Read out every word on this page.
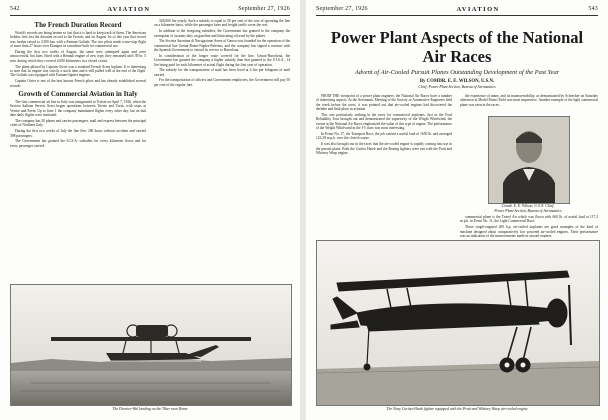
542	AVIATION	September 27, 1926
The French Duration Record

World's records are being beaten so fast that it is hard to keep track of them. The American holders first lost the duration record to the French, and on August 1st of this year that record was further raised to 3,500 km. with a Farman Goliath. The two pilots made a non-stop flight of more than 27 hours over Etampes in a machine built for commercial use.

During the first two weeks of August, the same crew attempted again and were unsuccessful, but later, fitted with a Renault engine of new type, they remained aloft 39 hr. 5 min. during which they covered 4,000 kilometers in a closed circuit.

The plane piloted by Captain Girier was a standard French Army biplane. It is interesting to note that its engine was strictly a stock item and it still pulled well at the end of the flight. The Goliath was equipped with Farman-Jupiter engines.

Captain Girier is one of the best known French pilots and has already established several records.

Growth of Commercial Aviation in Italy

The first commercial air line in Italy was inaugurated at Trieste on April 7, 1926, when the Societa Italiana Servizi Aerei began operations between Trieste and Turin, with stops at Venice and Pavia. Up to June 1 the company maintained flights every other day, but on that date daily flights were instituted.

The company has 20 planes and carries passengers, mail and express between the principal cities of Northern Italy.

During the first two weeks of July the line flew 180 hours without accident and carried 398 passengers.

The Government has granted the S.I.S.A. subsidies for every kilometer flown and for every passenger carried.

328,000 lire yearly. Such a subsidy is equal to 58 per cent of the cost of operating the line on a kilometer basis, while the passenger fares and freight tariffs cover the rest.

In addition to the foregoing subsidies, the Government has granted to the company the exemption of customs duty on gasoline and lubricating oil used by the planes.

The Societa Anonima di Navigazione Aerea of Genoa was founded for the operation of the commercial line Genoa-Rome-Naples-Palermo, and the company has signed a contract with the Spanish Government to extend its service to Barcelona.

In consideration of the longer route covered for the line, Genoa-Barcelona, the Government has granted the company a higher subsidy than that granted to the S.I.S.A., 14 lire being paid for each kilometer of actual flight during the first year of operation.

The subsidy for the transportation of mail has been fixed at 4 lire per kilogram of mail carried.

For the transportation of officers and Government employees, the Government will pay 50 per cent of the regular fare.

The Dornier-Wal landing on the Tiber near Rome
September 27, 1926	AVIATION	543
Power Plant Aspects of the National Air Races
Advent of Air-Cooled Pursuit Planes Outstanding Development of the Past Year
By COMDR. E. E. WILSON, U.S.N.
Chief, Power Plant Section, Bureau of Aeronautics

FROM THE viewpoint of a power plant engineer, the National Air Races have a number of interesting aspects. At the Aeronautic Meeting of the Society of Automotive Engineers held the week before the races, it was pointed out that air-cooled engines had discovered the definite and final place in aviation.

This was particularly striking in the races for commercial airplanes. Just as the Ford Reliability Tour brought out and demonstrated the superiority of the Wright Whirlwind, the events at the National Air Races emphasized the value of this type of engine. The performance of the Wright Whirlwind in the J-5 class was most interesting.

In Event No. 17, the Transport Race, the job carried a useful load of 1650 lb. and averaged 123.28 m.p.h. over the closed course.

It was also brought out in the races that the air-cooled engine is rapidly coming into use in the pursuit plane. Both the Curtiss Hawk and the Boeing fighters were run with the Pratt and Whitney Wasp engine.

the experience of many, and its maneuverability, as demonstrated by Schrecker on Saturday afternoon at Model Farms Field was most impressive. Another example of the light commercial plane was seen in the races.

Comdr. E. E. Wilson, U.S.N. Chief,
Power Plant Section, Bureau of Aeronautics

commercial plane is the Travel Air which was flown with 660 lb. of useful load at 117.2 m.p.h. in Event No. 11, the Light Commercial Race.

These single-engined 200 h.p. air-cooled airplanes are good examples of the kind of machine designed about comparatively low powered air-cooled engines. Their performance was an indication of the improvements made in aircraft engines.

The Navy Curtiss-Hawk fighter equipped with the Pratt and Whitney Wasp air-cooled engine
